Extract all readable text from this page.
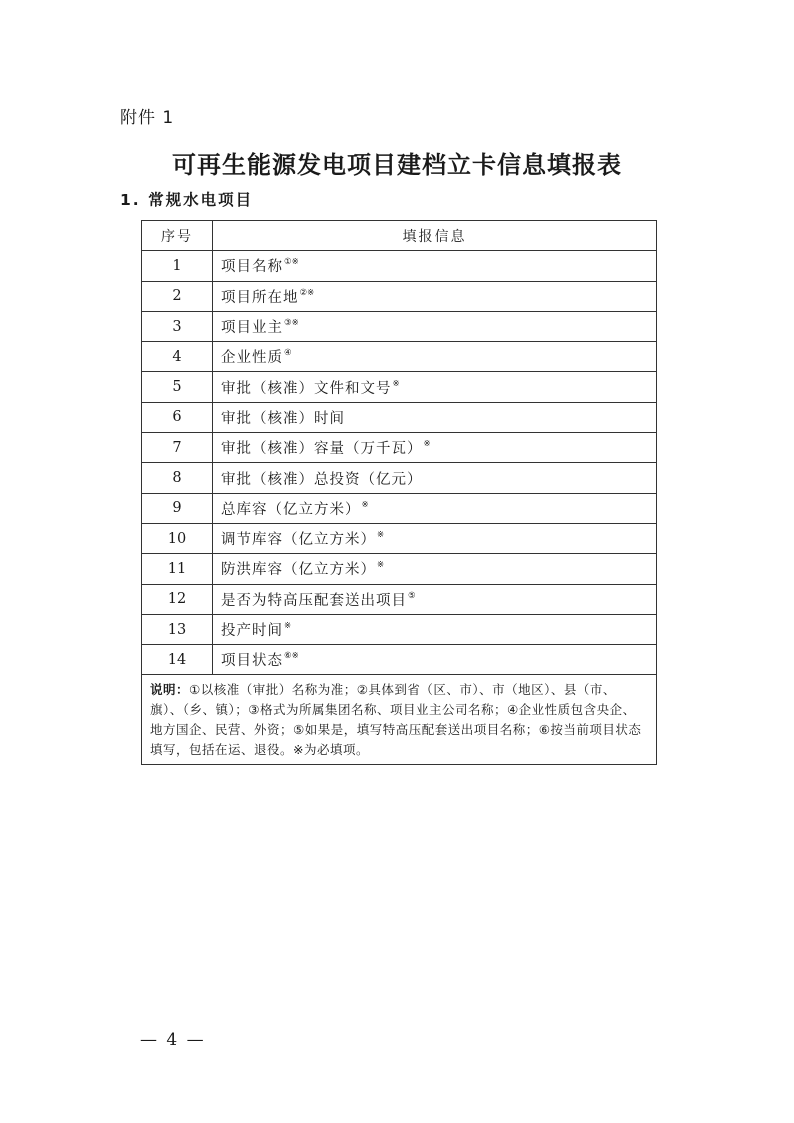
附件 1
可再生能源发电项目建档立卡信息填报表
1. 常规水电项目
序号	填报信息
1	项目名称①※
2	项目所在地②※
3	项目业主③※
4	企业性质④
5	审批（核准）文件和文号※
6	审批（核准）时间
7	审批（核准）容量（万千瓦）※
8	审批（核准）总投资（亿元）
9	总库容（亿立方米）※
10	调节库容（亿立方米）※
11	防洪库容（亿立方米）※
12	是否为特高压配套送出项目⑤
13	投产时间※
14	项目状态⑥※
说明：①以核准（审批）名称为准；②具体到省（区、市）、市（地区）、县（市、旗）、（乡、镇）；③格式为所属集团名称、项目业主公司名称；④企业性质包含央企、地方国企、民营、外资；⑤如果是，填写特高压配套送出项目名称；⑥按当前项目状态填写，包括在运、退役。※为必填项。	
— 4 —
